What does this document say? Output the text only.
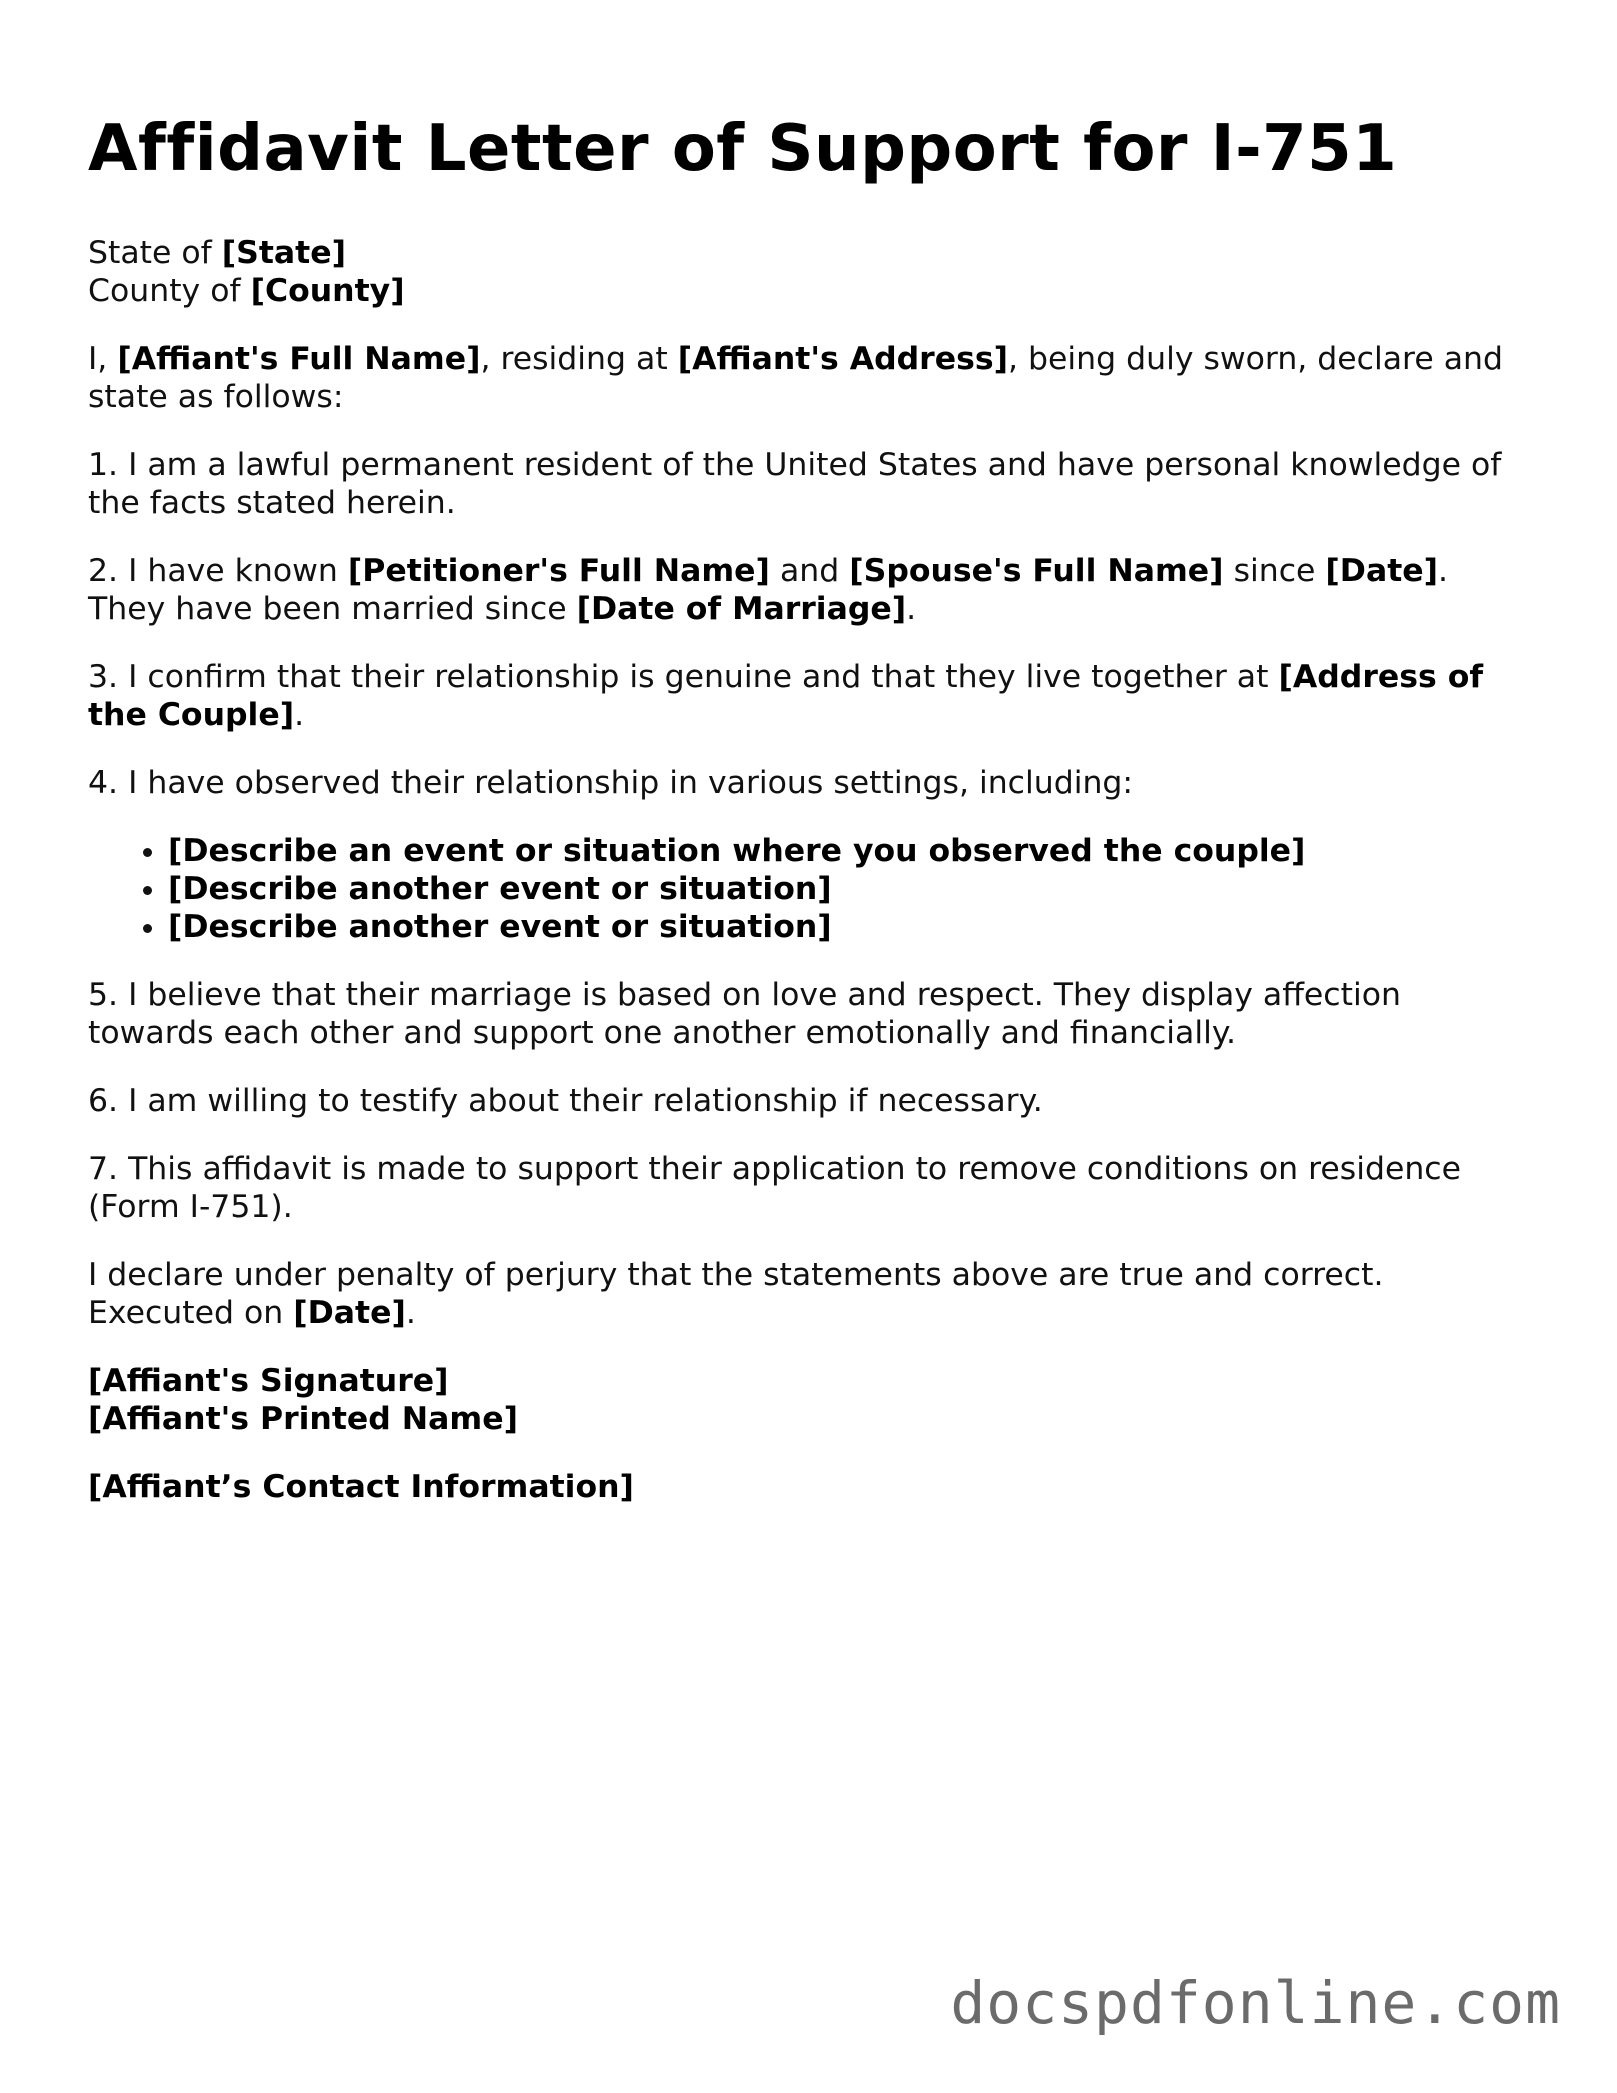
Affidavit Letter of Support for I-751

State of [State]
County of [County]

I, [Affiant's Full Name], residing at [Affiant's Address], being duly sworn, declare and state as follows:

1. I am a lawful permanent resident of the United States and have personal knowledge of the facts stated herein.

2. I have known [Petitioner's Full Name] and [Spouse's Full Name] since [Date]. They have been married since [Date of Marriage].

3. I confirm that their relationship is genuine and that they live together at [Address of the Couple].

4. I have observed their relationship in various settings, including:

• [Describe an event or situation where you observed the couple]
• [Describe another event or situation]
• [Describe another event or situation]

5. I believe that their marriage is based on love and respect. They display affection towards each other and support one another emotionally and financially.

6. I am willing to testify about their relationship if necessary.

7. This affidavit is made to support their application to remove conditions on residence (Form I-751).

I declare under penalty of perjury that the statements above are true and correct. Executed on [Date].

[Affiant's Signature]
[Affiant's Printed Name]

[Affiant’s Contact Information]

docspdfonline.com
